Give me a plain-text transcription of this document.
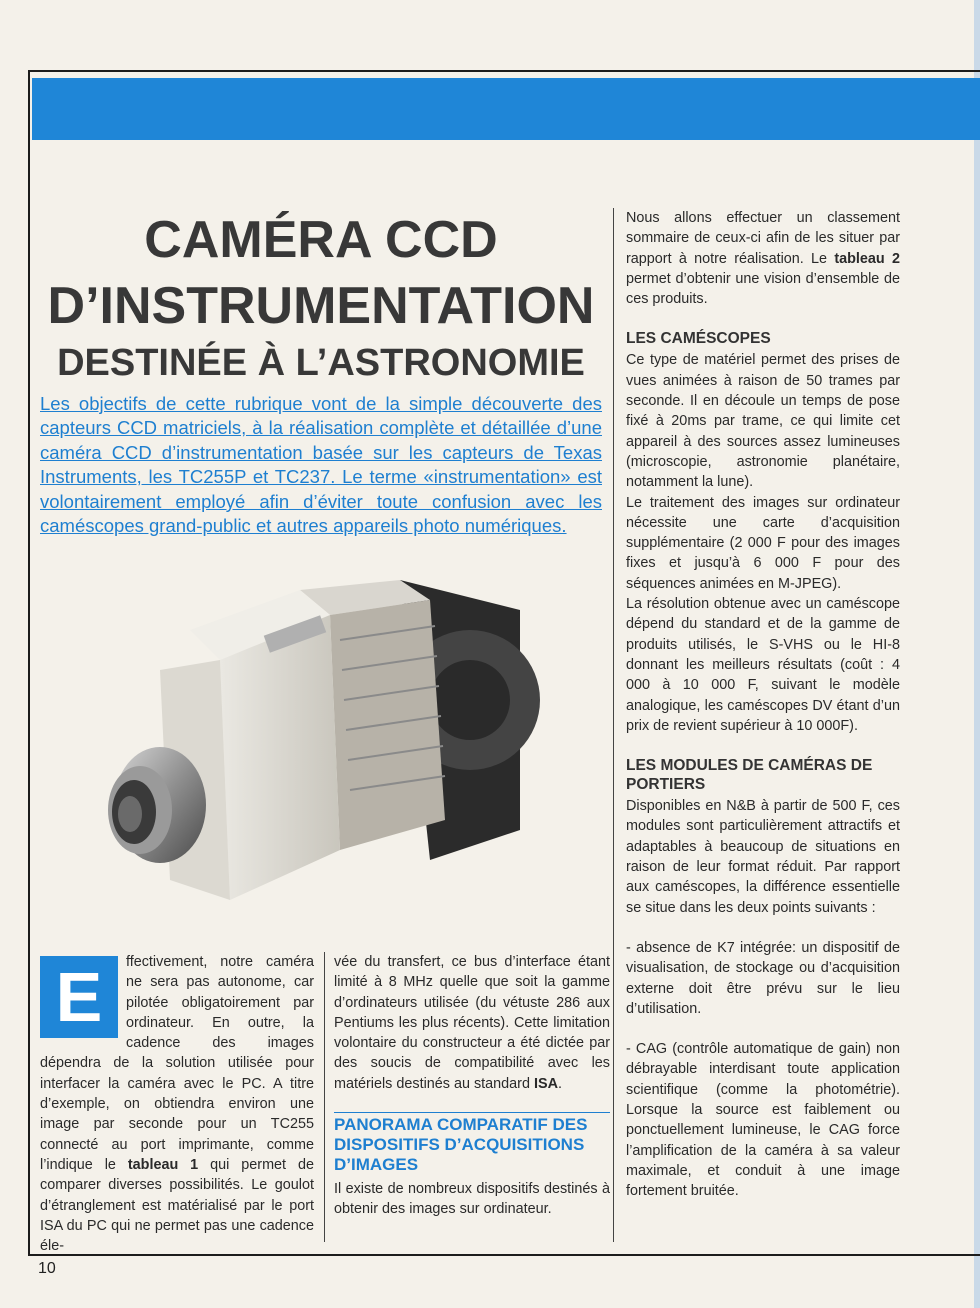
CAMÉRA CCD
D’INSTRUMENTATION
DESTINÉE À L’ASTRONOMIE

Les objectifs de cette rubrique vont de la simple découverte des capteurs CCD matriciels, à la réalisation complète et détaillée d’une caméra CCD d’instrumentation basée sur les capteurs de Texas Instruments, les TC255P et TC237. Le terme «instrumentation» est volontairement employé afin d’éviter toute confusion avec les caméscopes grand-public et autres appareils photo numériques.

E	ffectivement, notre caméra ne sera pas autonome, car pilotée obligatoirement par ordinateur. En outre, la cadence des images dépendra de la solution utilisée pour interfacer la caméra avec le PC. A titre d’exemple, on obtiendra environ une image par seconde pour un TC255 connecté au port imprimante, comme l’indique le tableau 1 qui permet de comparer diverses possibilités. Le goulot d’étranglement est matérialisé par le port ISA du PC qui ne permet pas une cadence éle-

vée du transfert, ce bus d’interface étant limité à 8 MHz quelle que soit la gamme d’ordinateurs utilisée (du vétuste 286 aux Pentiums les plus récents). Cette limitation volontaire du constructeur a été dictée par des soucis de compatibilité avec les matériels destinés au standard ISA.

PANORAMA COMPARATIF DES DISPOSITIFS D’ACQUISITIONS D’IMAGES

Il existe de nombreux dispositifs destinés à obtenir des images sur ordinateur.

Nous allons effectuer un classement sommaire de ceux-ci afin de les situer par rapport à notre réalisation. Le tableau 2 permet d’obtenir une vision d’ensemble de ces produits.

LES CAMÉSCOPES

Ce type de matériel permet des prises de vues animées à raison de 50 trames par seconde. Il en découle un temps de pose fixé à 20ms par trame, ce qui limite cet appareil à des sources assez lumineuses (microscopie, astronomie planétaire, notamment la lune).

Le traitement des images sur ordinateur nécessite une carte d’acquisition supplémentaire (2 000 F pour des images fixes et jusqu’à 6 000 F pour des séquences animées en M-JPEG).

La résolution obtenue avec un caméscope dépend du standard et de la gamme de produits utilisés, le S-VHS ou le HI-8 donnant les meilleurs résultats (coût : 4 000 à 10 000 F, suivant le modèle analogique, les caméscopes DV étant d’un prix de revient supérieur à 10 000F).

LES MODULES DE CAMÉRAS DE PORTIERS

Disponibles en N&B à partir de 500 F, ces modules sont particulièrement attractifs et adaptables à beaucoup de situations en raison de leur format réduit. Par rapport aux caméscopes, la différence essentielle se situe dans les deux points suivants :

- absence de K7 intégrée: un dispositif de visualisation, de stockage ou d’acquisition externe doit être prévu sur le lieu d’utilisation.

- CAG (contrôle automatique de gain) non débrayable interdisant toute application scientifique (comme la photométrie). Lorsque la source est faiblement ou ponctuellement lumineuse, le CAG force l’amplification de la caméra à sa valeur maximale, et conduit à une image fortement bruitée.

10
